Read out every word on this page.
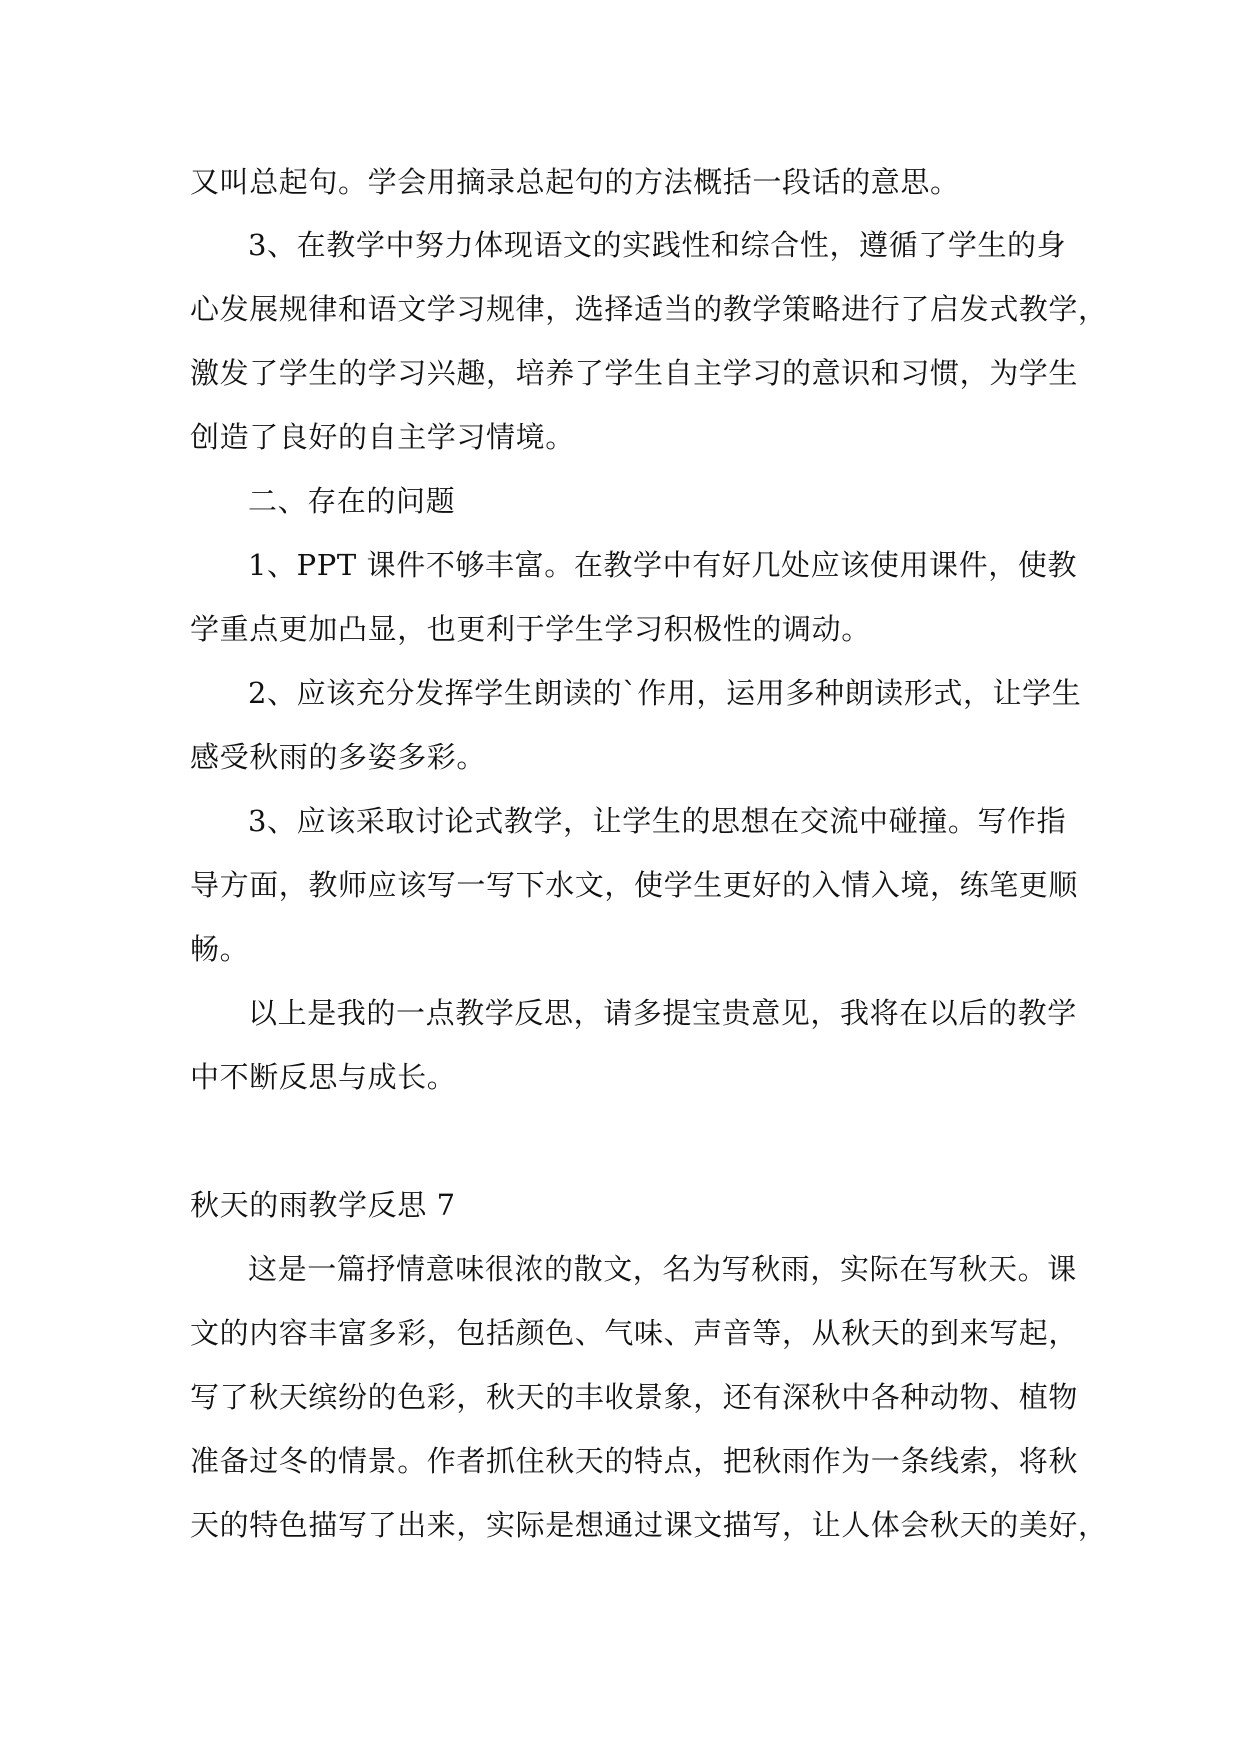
又叫总起句。学会用摘录总起句的方法概括一段话的意思。
3、在教学中努力体现语文的实践性和综合性，遵循了学生的身
心发展规律和语文学习规律，选择适当的教学策略进行了启发式教学，
激发了学生的学习兴趣，培养了学生自主学习的意识和习惯，为学生
创造了良好的自主学习情境。
二、存在的问题
1、PPT 课件不够丰富。在教学中有好几处应该使用课件，使教
学重点更加凸显，也更利于学生学习积极性的调动。
2、应该充分发挥学生朗读的`作用，运用多种朗读形式，让学生
感受秋雨的多姿多彩。
3、应该采取讨论式教学，让学生的思想在交流中碰撞。写作指
导方面，教师应该写一写下水文，使学生更好的入情入境，练笔更顺
畅。
以上是我的一点教学反思，请多提宝贵意见，我将在以后的教学
中不断反思与成长。
秋天的雨教学反思 7
这是一篇抒情意味很浓的散文，名为写秋雨，实际在写秋天。课
文的内容丰富多彩，包括颜色、气味、声音等，从秋天的到来写起，
写了秋天缤纷的色彩，秋天的丰收景象，还有深秋中各种动物、植物
准备过冬的情景。作者抓住秋天的特点，把秋雨作为一条线索，将秋
天的特色描写了出来，实际是想通过课文描写，让人体会秋天的美好，
